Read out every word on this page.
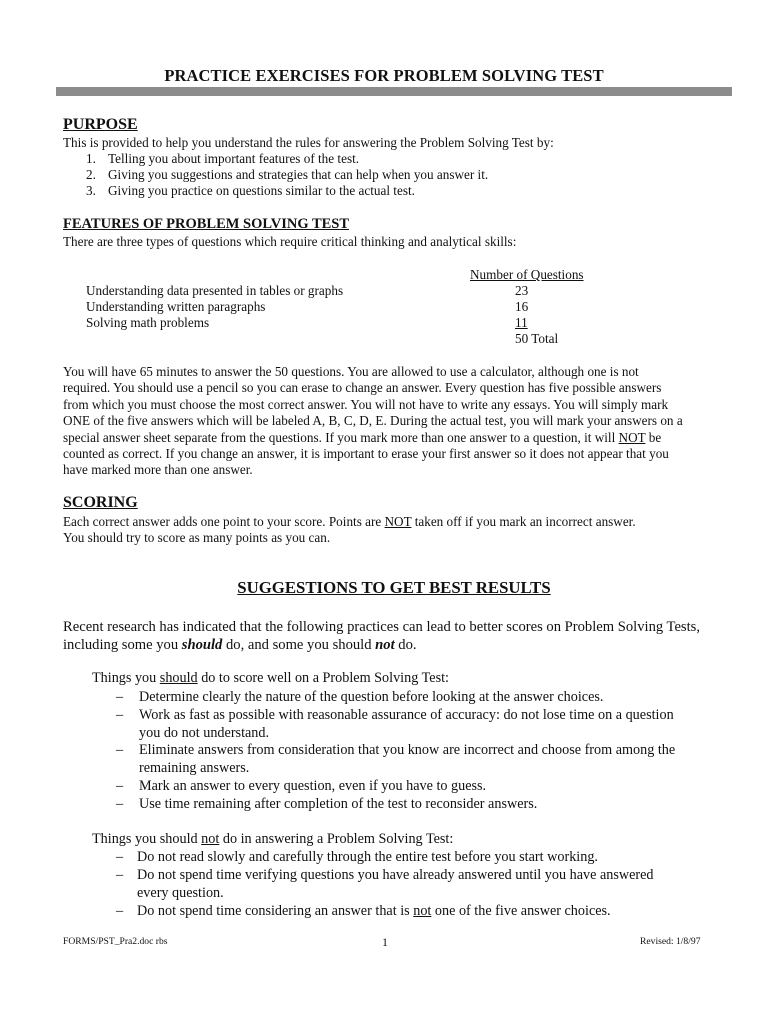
PRACTICE EXERCISES FOR PROBLEM SOLVING TEST
PURPOSE
This is provided to help you understand the rules for answering the Problem Solving Test by:
1. Telling you about important features of the test.
2. Giving you suggestions and strategies that can help when you answer it.
3. Giving you practice on questions similar to the actual test.
FEATURES OF PROBLEM SOLVING TEST
There are three types of questions which require critical thinking and analytical skills:
Number of Questions
Understanding data presented in tables or graphs	23
Understanding written paragraphs	16
Solving math problems	11
50 Total

You will have 65 minutes to answer the 50 questions. You are allowed to use a calculator, although one is not

required. You should use a pencil so you can erase to change an answer. Every question has five possible answers

from which you must choose the most correct answer. You will not have to write any essays. You will simply mark

ONE of the five answers which will be labeled A, B, C, D, E. During the actual test, you will mark your answers on a

special answer sheet separate from the questions. If you mark more than one answer to a question, it will NOT be

counted as correct. If you change an answer, it is important to erase your first answer so it does not appear that you

have marked more than one answer.

SCORING
Each correct answer adds one point to your score. Points are NOT taken off if you mark an incorrect answer.
You should try to score as many points as you can.
SUGGESTIONS TO GET BEST RESULTS
Recent research has indicated that the following practices can lead to better scores on Problem Solving Tests,
including some you should do, and some you should not do.
Things you should do to score well on a Problem Solving Test:
– Determine clearly the nature of the question before looking at the answer choices.
– Work as fast as possible with reasonable assurance of accuracy: do not lose time on a question
you do not understand.
– Eliminate answers from consideration that you know are incorrect and choose from among the
remaining answers.
– Mark an answer to every question, even if you have to guess.
– Use time remaining after completion of the test to reconsider answers.
Things you should not do in answering a Problem Solving Test:
– Do not read slowly and carefully through the entire test before you start working.
– Do not spend time verifying questions you have already answered until you have answered
every question.
– Do not spend time considering an answer that is not one of the five answer choices.
FORMS/PST_Pra2.doc rbs	1	Revised: 1/8/97
